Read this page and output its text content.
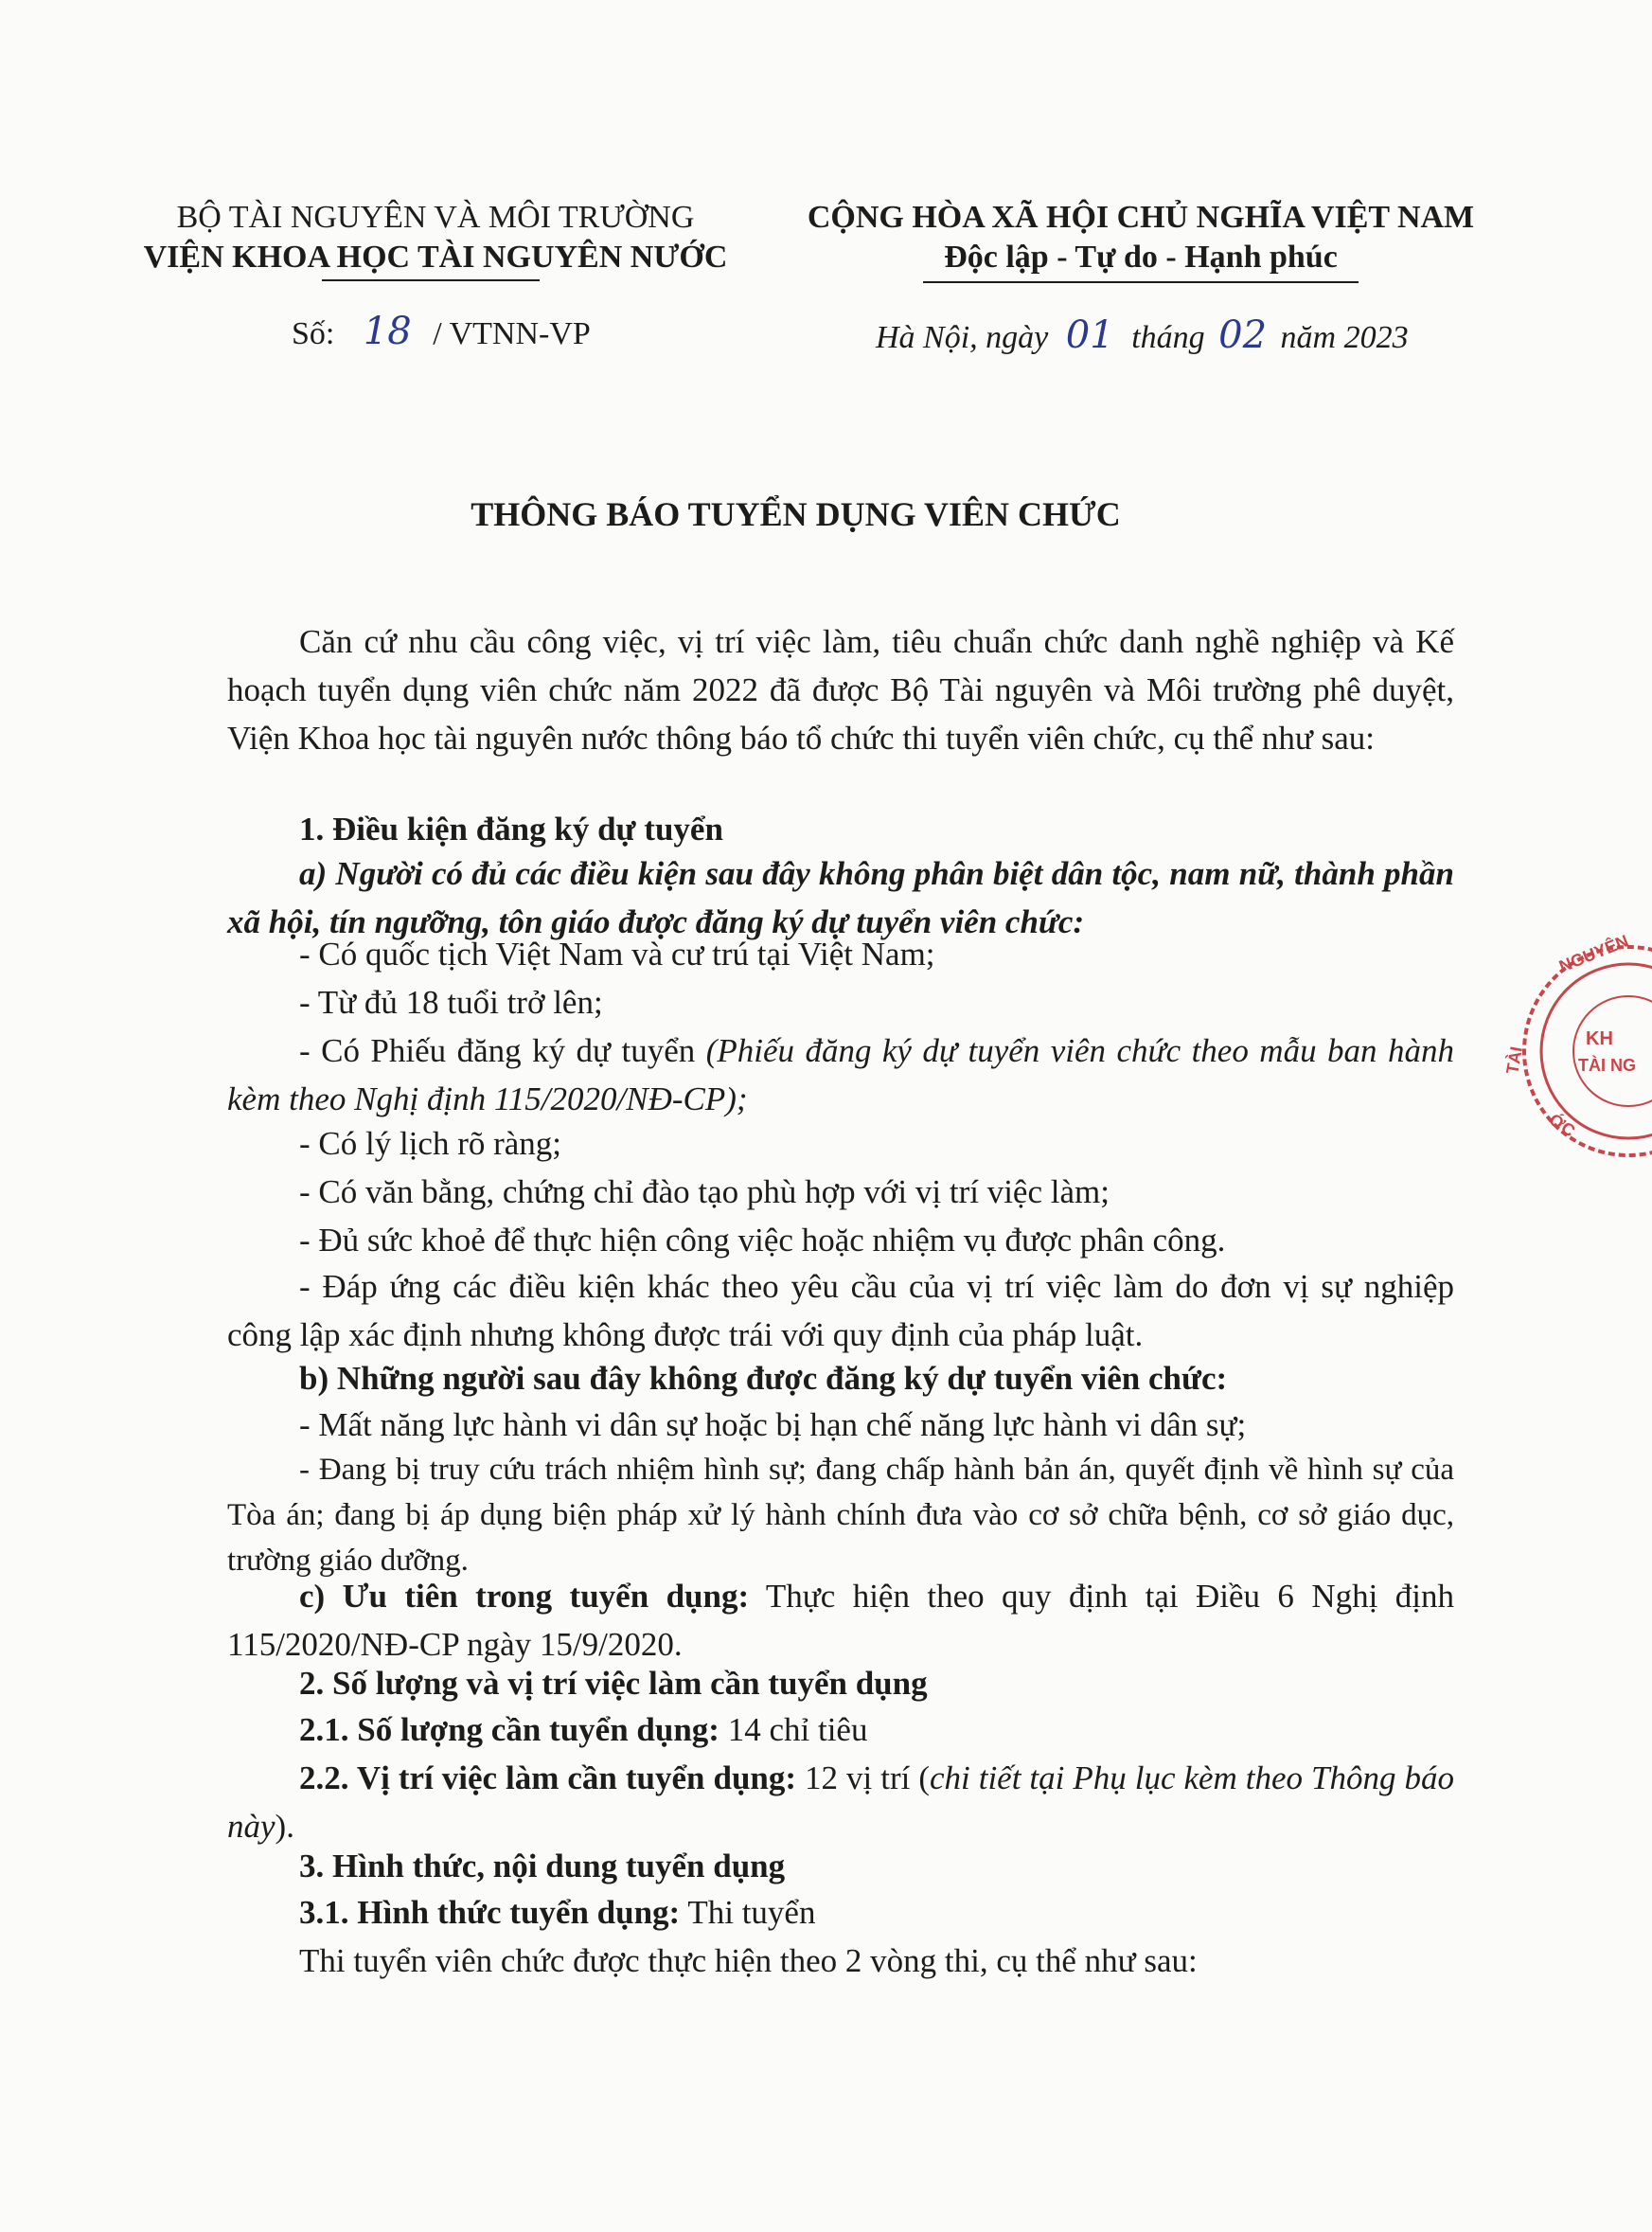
BỘ TÀI NGUYÊN VÀ MÔI TRƯỜNG
VIỆN KHOA HỌC TÀI NGUYÊN NƯỚC
CỘNG HÒA XÃ HỘI CHỦ NGHĨA VIỆT NAM
Độc lập - Tự do - Hạnh phúc
Số: 18 / VTNN-VP	Hà Nội, ngày 01 tháng 02 năm 2023
THÔNG BÁO TUYỂN DỤNG VIÊN CHỨC
Căn cứ nhu cầu công việc, vị trí việc làm, tiêu chuẩn chức danh nghề nghiệp và Kế hoạch tuyển dụng viên chức năm 2022 đã được Bộ Tài nguyên và Môi trường phê duyệt, Viện Khoa học tài nguyên nước thông báo tổ chức thi tuyển viên chức, cụ thể như sau:
1. Điều kiện đăng ký dự tuyển
a) Người có đủ các điều kiện sau đây không phân biệt dân tộc, nam nữ, thành phần xã hội, tín ngưỡng, tôn giáo được đăng ký dự tuyển viên chức:
- Có quốc tịch Việt Nam và cư trú tại Việt Nam;
- Từ đủ 18 tuổi trở lên;
- Có Phiếu đăng ký dự tuyển (Phiếu đăng ký dự tuyển viên chức theo mẫu ban hành kèm theo Nghị định 115/2020/NĐ-CP);
- Có lý lịch rõ ràng;
- Có văn bằng, chứng chỉ đào tạo phù hợp với vị trí việc làm;
- Đủ sức khoẻ để thực hiện công việc hoặc nhiệm vụ được phân công.
- Đáp ứng các điều kiện khác theo yêu cầu của vị trí việc làm do đơn vị sự nghiệp công lập xác định nhưng không được trái với quy định của pháp luật.
b) Những người sau đây không được đăng ký dự tuyển viên chức:
- Mất năng lực hành vi dân sự hoặc bị hạn chế năng lực hành vi dân sự;
- Đang bị truy cứu trách nhiệm hình sự; đang chấp hành bản án, quyết định về hình sự của Tòa án; đang bị áp dụng biện pháp xử lý hành chính đưa vào cơ sở chữa bệnh, cơ sở giáo dục, trường giáo dưỡng.
c) Ưu tiên trong tuyển dụng: Thực hiện theo quy định tại Điều 6 Nghị định 115/2020/NĐ-CP ngày 15/9/2020.
2. Số lượng và vị trí việc làm cần tuyển dụng
2.1. Số lượng cần tuyển dụng: 14 chỉ tiêu
2.2. Vị trí việc làm cần tuyển dụng: 12 vị trí (chi tiết tại Phụ lục kèm theo Thông báo này).
3. Hình thức, nội dung tuyển dụng
3.1. Hình thức tuyển dụng: Thi tuyển
Thi tuyển viên chức được thực hiện theo 2 vòng thi, cụ thể như sau:
NGUYÊN
TÀI
KH
TÀI NG
ỚC
